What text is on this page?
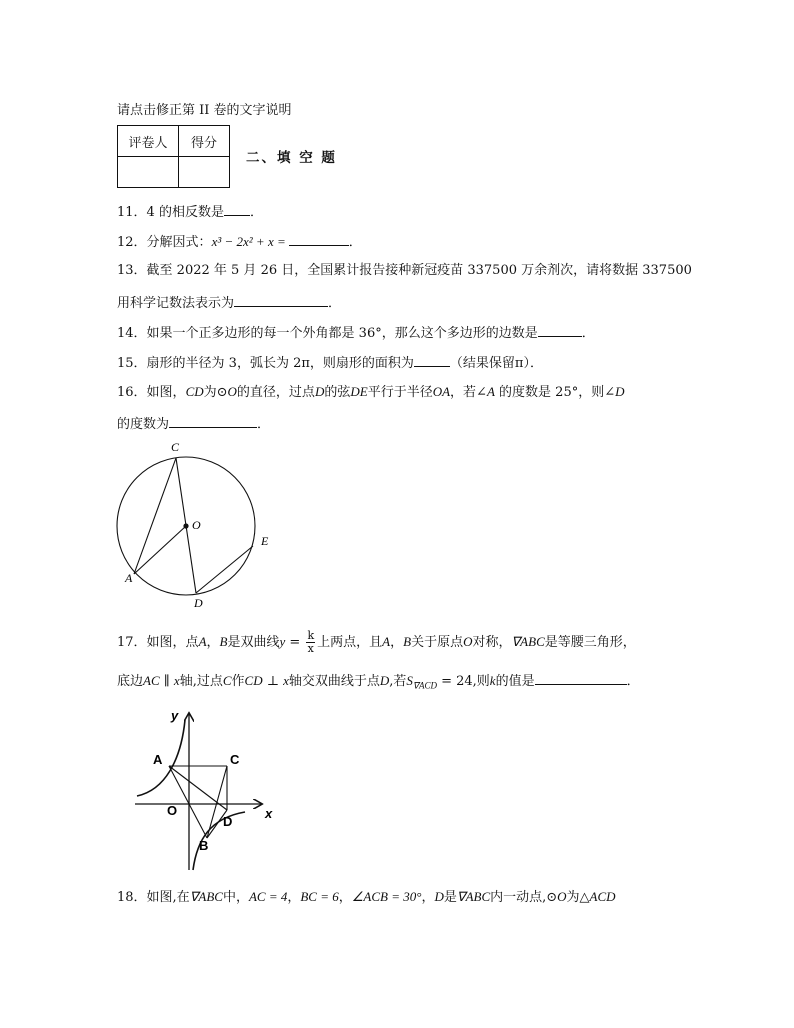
请点击修正第 II 卷的文字说明
评卷人	得分

二、填 空 题
11．4 的相反数是 ．
12．分解因式：x³ − 2x² + x =	．
13．截至 2022 年 5 月 26 日，全国累计报告接种新冠疫苗 337500 万余剂次，请将数据 337500
用科学记数法表示为	．
14．如果一个正多边形的每一个外角都是 36°，那么这个多边形的边数是	．
15．扇形的半径为 3，弧长为 2π，则扇形的面积为	（结果保留π）．
16．如图，CD为⊙O的直径，过点D的弦DE平行于半径OA，若∠A 的度数是 25°，则∠D
的度数为	．
C
O
E
A
D
17．如图，点A，B是双曲线$y = \frac{k}{x}$ 上两点，且A，B关于原点O对称，∇ABC是等腰三角形，
底边AC ∥ x轴,过点C作CD ⊥ x轴交双曲线于点D,若$S_{\nabla ACD} = 24$,则k的值是	．
y
x
A	C
O
D
B
18．如图,在∇ABC中，AC = 4，BC = 6，∠ACB = 30°，D是∇ABC内一动点,⊙O为△ACD
